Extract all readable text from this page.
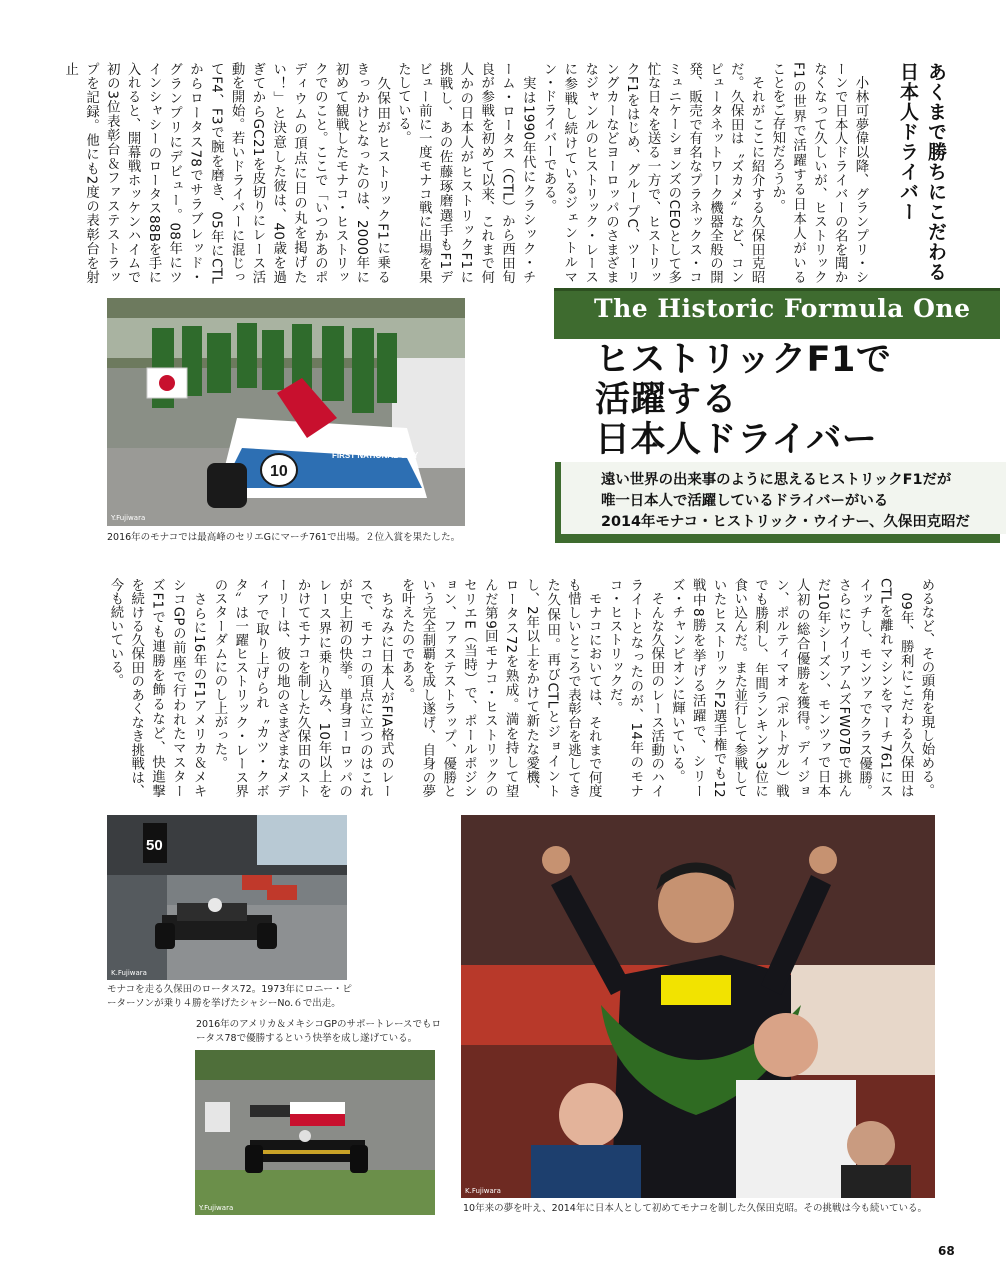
あくまで勝ちにこだわる日本人ドライバー
　小林可夢偉以降、グランプリ・シーンで日本人ドライバーの名を聞かなくなって久しいが、ヒストリックF1の世界で活躍する日本人がいることをご存知だろうか。
　それがここに紹介する久保田克昭だ。久保田は〝ズカメ〟など、コンピュータネットワーク機器全般の開発、販売で有名なプラネックス・コミュニケーションズのCEOとして多忙な日々を送る一方で、ヒストリックF1をはじめ、グループC、ツーリングカーなどヨーロッパのさまざまなジャンルのヒストリック・レースに参戦し続けているジェントルマン・ドライバーである。
　実は1990年代にクラシック・チーム・ロータス（CTL）から西田旬良が参戦を初めて以来、これまで何人かの日本人がヒストリックF1に挑戦し、あの佐藤琢磨選手もF1デビュー前に一度モナコ戦に出場を果たしている。
　久保田がヒストリックF1に乗るきっかけとなったのは、2000年に初めて観戦したモナコ・ヒストリックでのこと。ここで「いつかあのポディウムの頂点に日の丸を掲げたい！」と決意した彼は、40歳を過ぎてからGC21を皮切りにレース活動を開始。若いドライバーに混じってF4、F3で腕を磨き、05年にCTLからロータス78でサラブレッド・グランプリにデビュー。08年にツインシャシーのロータス88Bを手に入れると、開幕戦ホッケンハイムで初の3位表彰台＆ファステストラップを記録。他にも2度の表彰台を射止
10
FIRST NATIONAL CITY
Y.Fujiwara
2016年のモナコでは最高峰のセリエGにマーチ761で出場。２位入賞を果たした。
The Historic Formula One
ヒストリックF1で
活躍する
日本人ドライバー
遠い世界の出来事のように思えるヒストリックF1だが
唯一日本人で活躍しているドライバーがいる
2014年モナコ・ヒストリック・ウイナー、久保田克昭だ
めるなど、その頭角を現し始める。
　09年、勝利にこだわる久保田はCTLを離れマシンをマーチ761にスイッチし、モンツァでクラス優勝。さらにウイリアムズFW07Bで挑んだ10年シーズン、モンツァで日本人初の総合優勝を獲得。ディジョン、ポルティマオ（ポルトガル）戦でも勝利し、年間ランキング3位に食い込んだ。また並行して参戦していたヒストリックF2選手権でも12戦中8勝を挙げる活躍で、シリーズ・チャンピオンに輝いている。
　そんな久保田のレース活動のハイライトとなったのが、14年のモナコ・ヒストリックだ。
　モナコにおいては、それまで何度も惜しいところで表彰台を逃してきた久保田。再びCTLとジョイントし、2年以上をかけて新たな愛機、ロータス72を熟成。満を持して望んだ第9回モナコ・ヒストリックのセリエE（当時）で、ポールポジション、ファステストラップ、優勝という完全制覇を成し遂げ、自身の夢を叶えたのである。
　ちなみに日本人がFIA格式のレースで、モナコの頂点に立つのはこれが史上初の快挙。単身ヨーロッパのレース界に乗り込み、10年以上をかけてモナコを制した久保田のストーリーは、彼の地のさまざまなメディアで取り上げられ〝カツ・クボタ〟は一躍ヒストリック・レース界のスターダムにのし上がった。
　さらに16年のF1アメリカ＆メキシコGPの前座で行われたマスターズF1でも連勝を飾るなど、快進撃を続ける久保田のあくなき挑戦は、今も続いている。
50
K.Fujiwara
モナコを走る久保田のロータス72。1973年にロニー・ピーターソンが乗り４勝を挙げたシャシーNo.６で出走。
2016年のアメリカ＆メキシコGPのサポートレースでもロータス78で優勝するという快挙を成し遂げている。
Y.Fujiwara
K.Fujiwara
10年来の夢を叶え、2014年に日本人として初めてモナコを制した久保田克昭。その挑戦は今も続いている。
68
